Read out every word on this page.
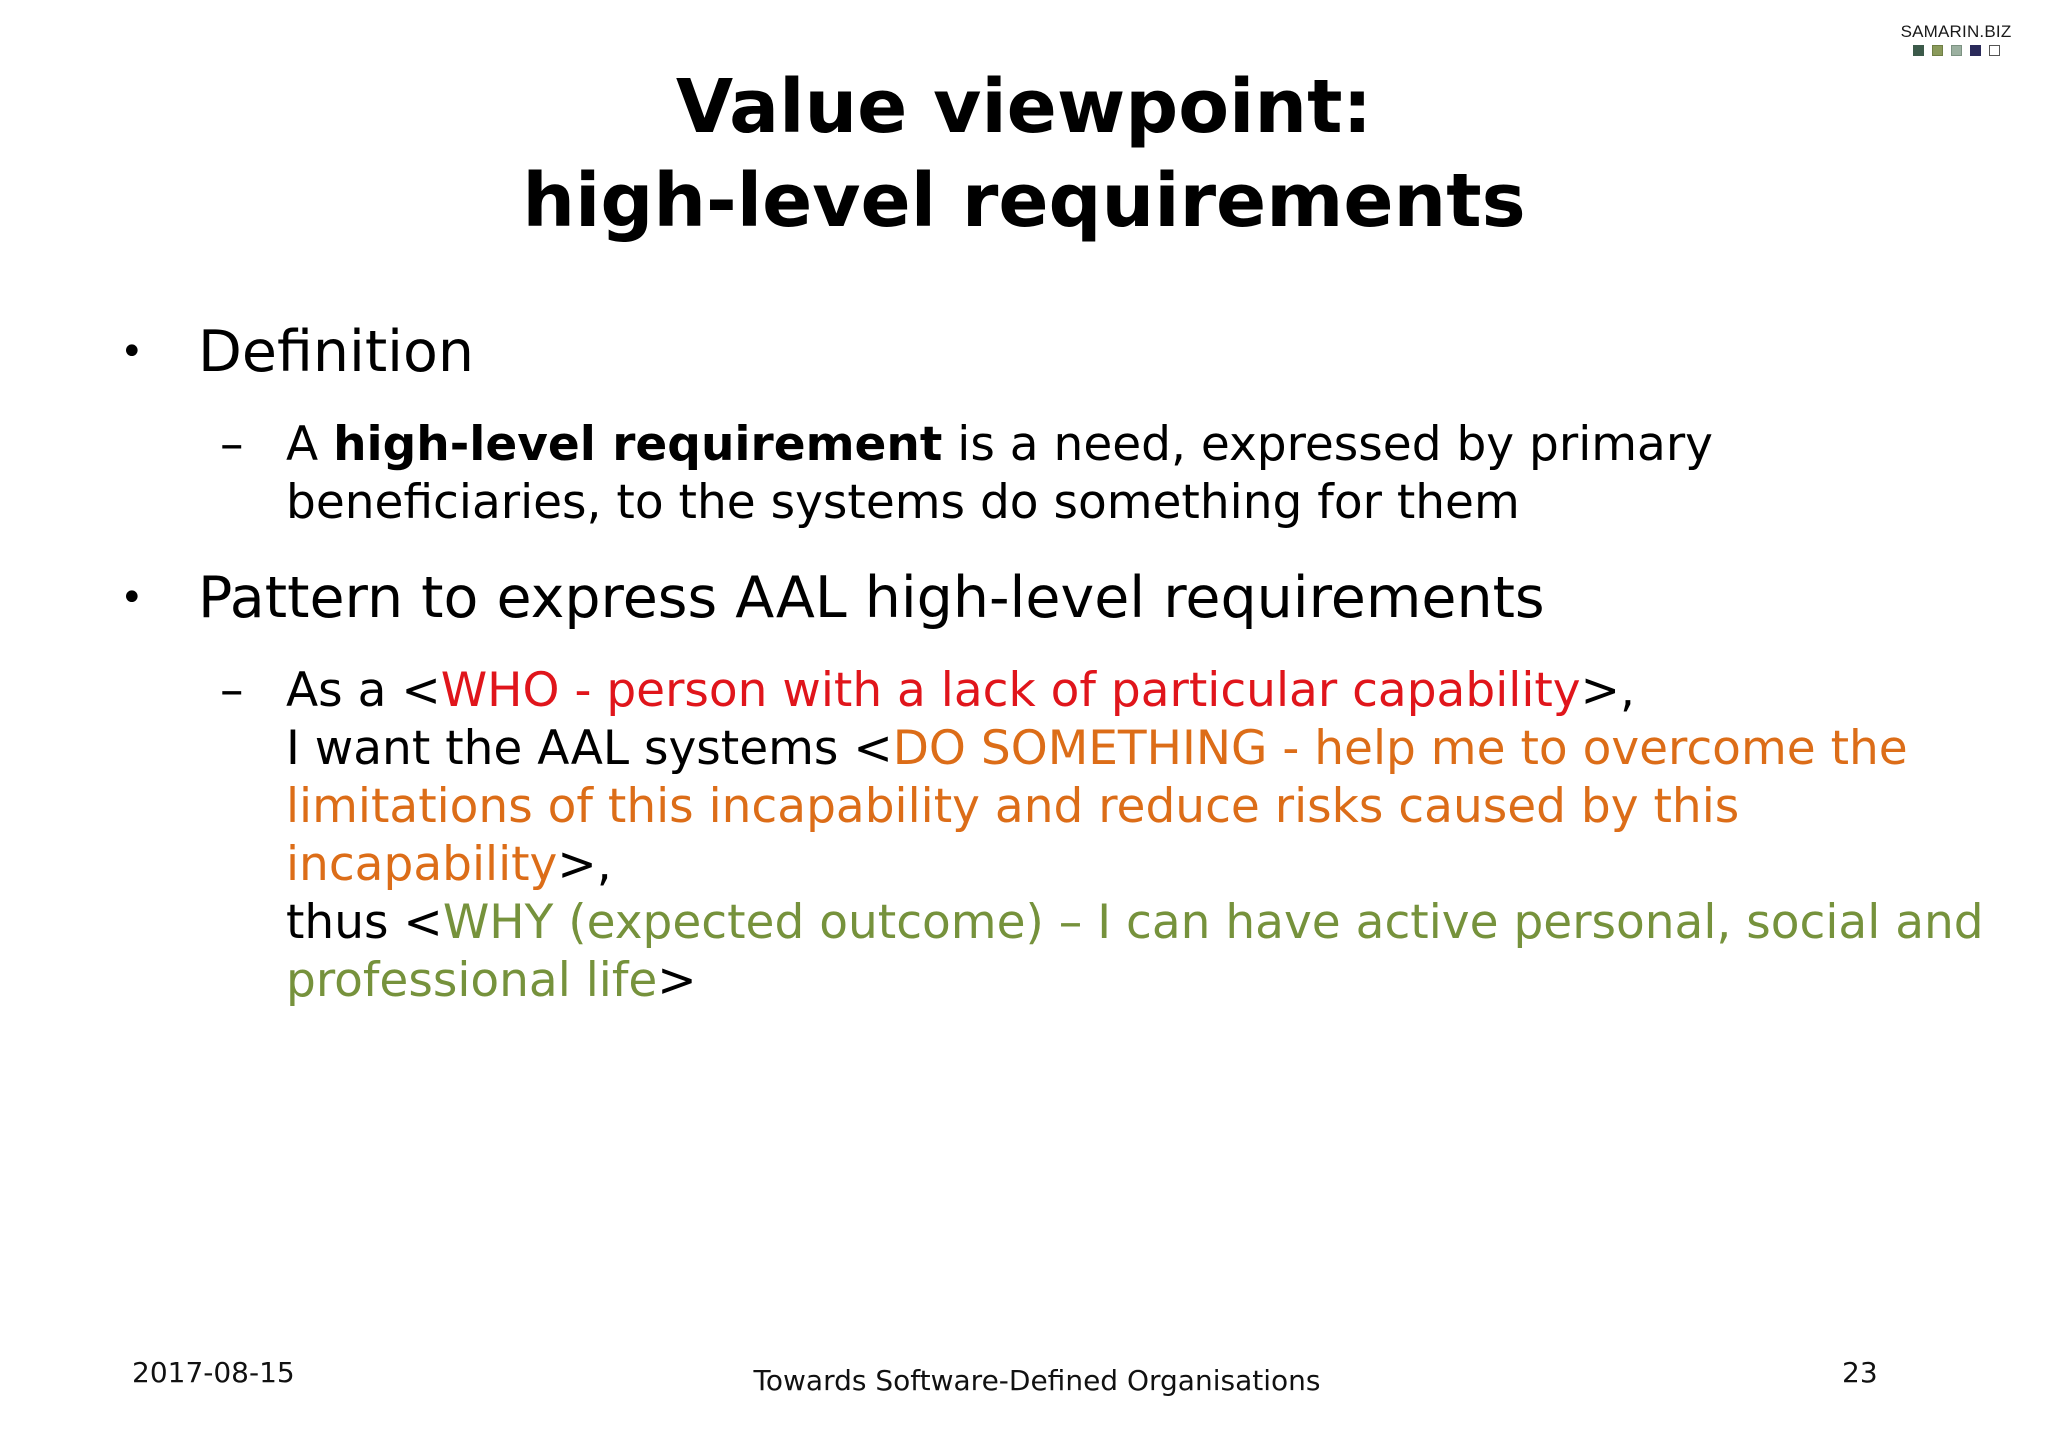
SAMARIN.BIZ
Value viewpoint:
high-level requirements
• Definition
– A high-level requirement is a need, expressed by primary beneficiaries, to the systems do something for them
• Pattern to express AAL high-level requirements
– As a <WHO - person with a lack of particular capability>,
I want the AAL systems <DO SOMETHING - help me to overcome the limitations of this incapability and reduce risks caused by this incapability>,
thus <WHY (expected outcome) – I can have active personal, social and professional life>
2017-08-15	Towards Software-Defined Organisations	23
